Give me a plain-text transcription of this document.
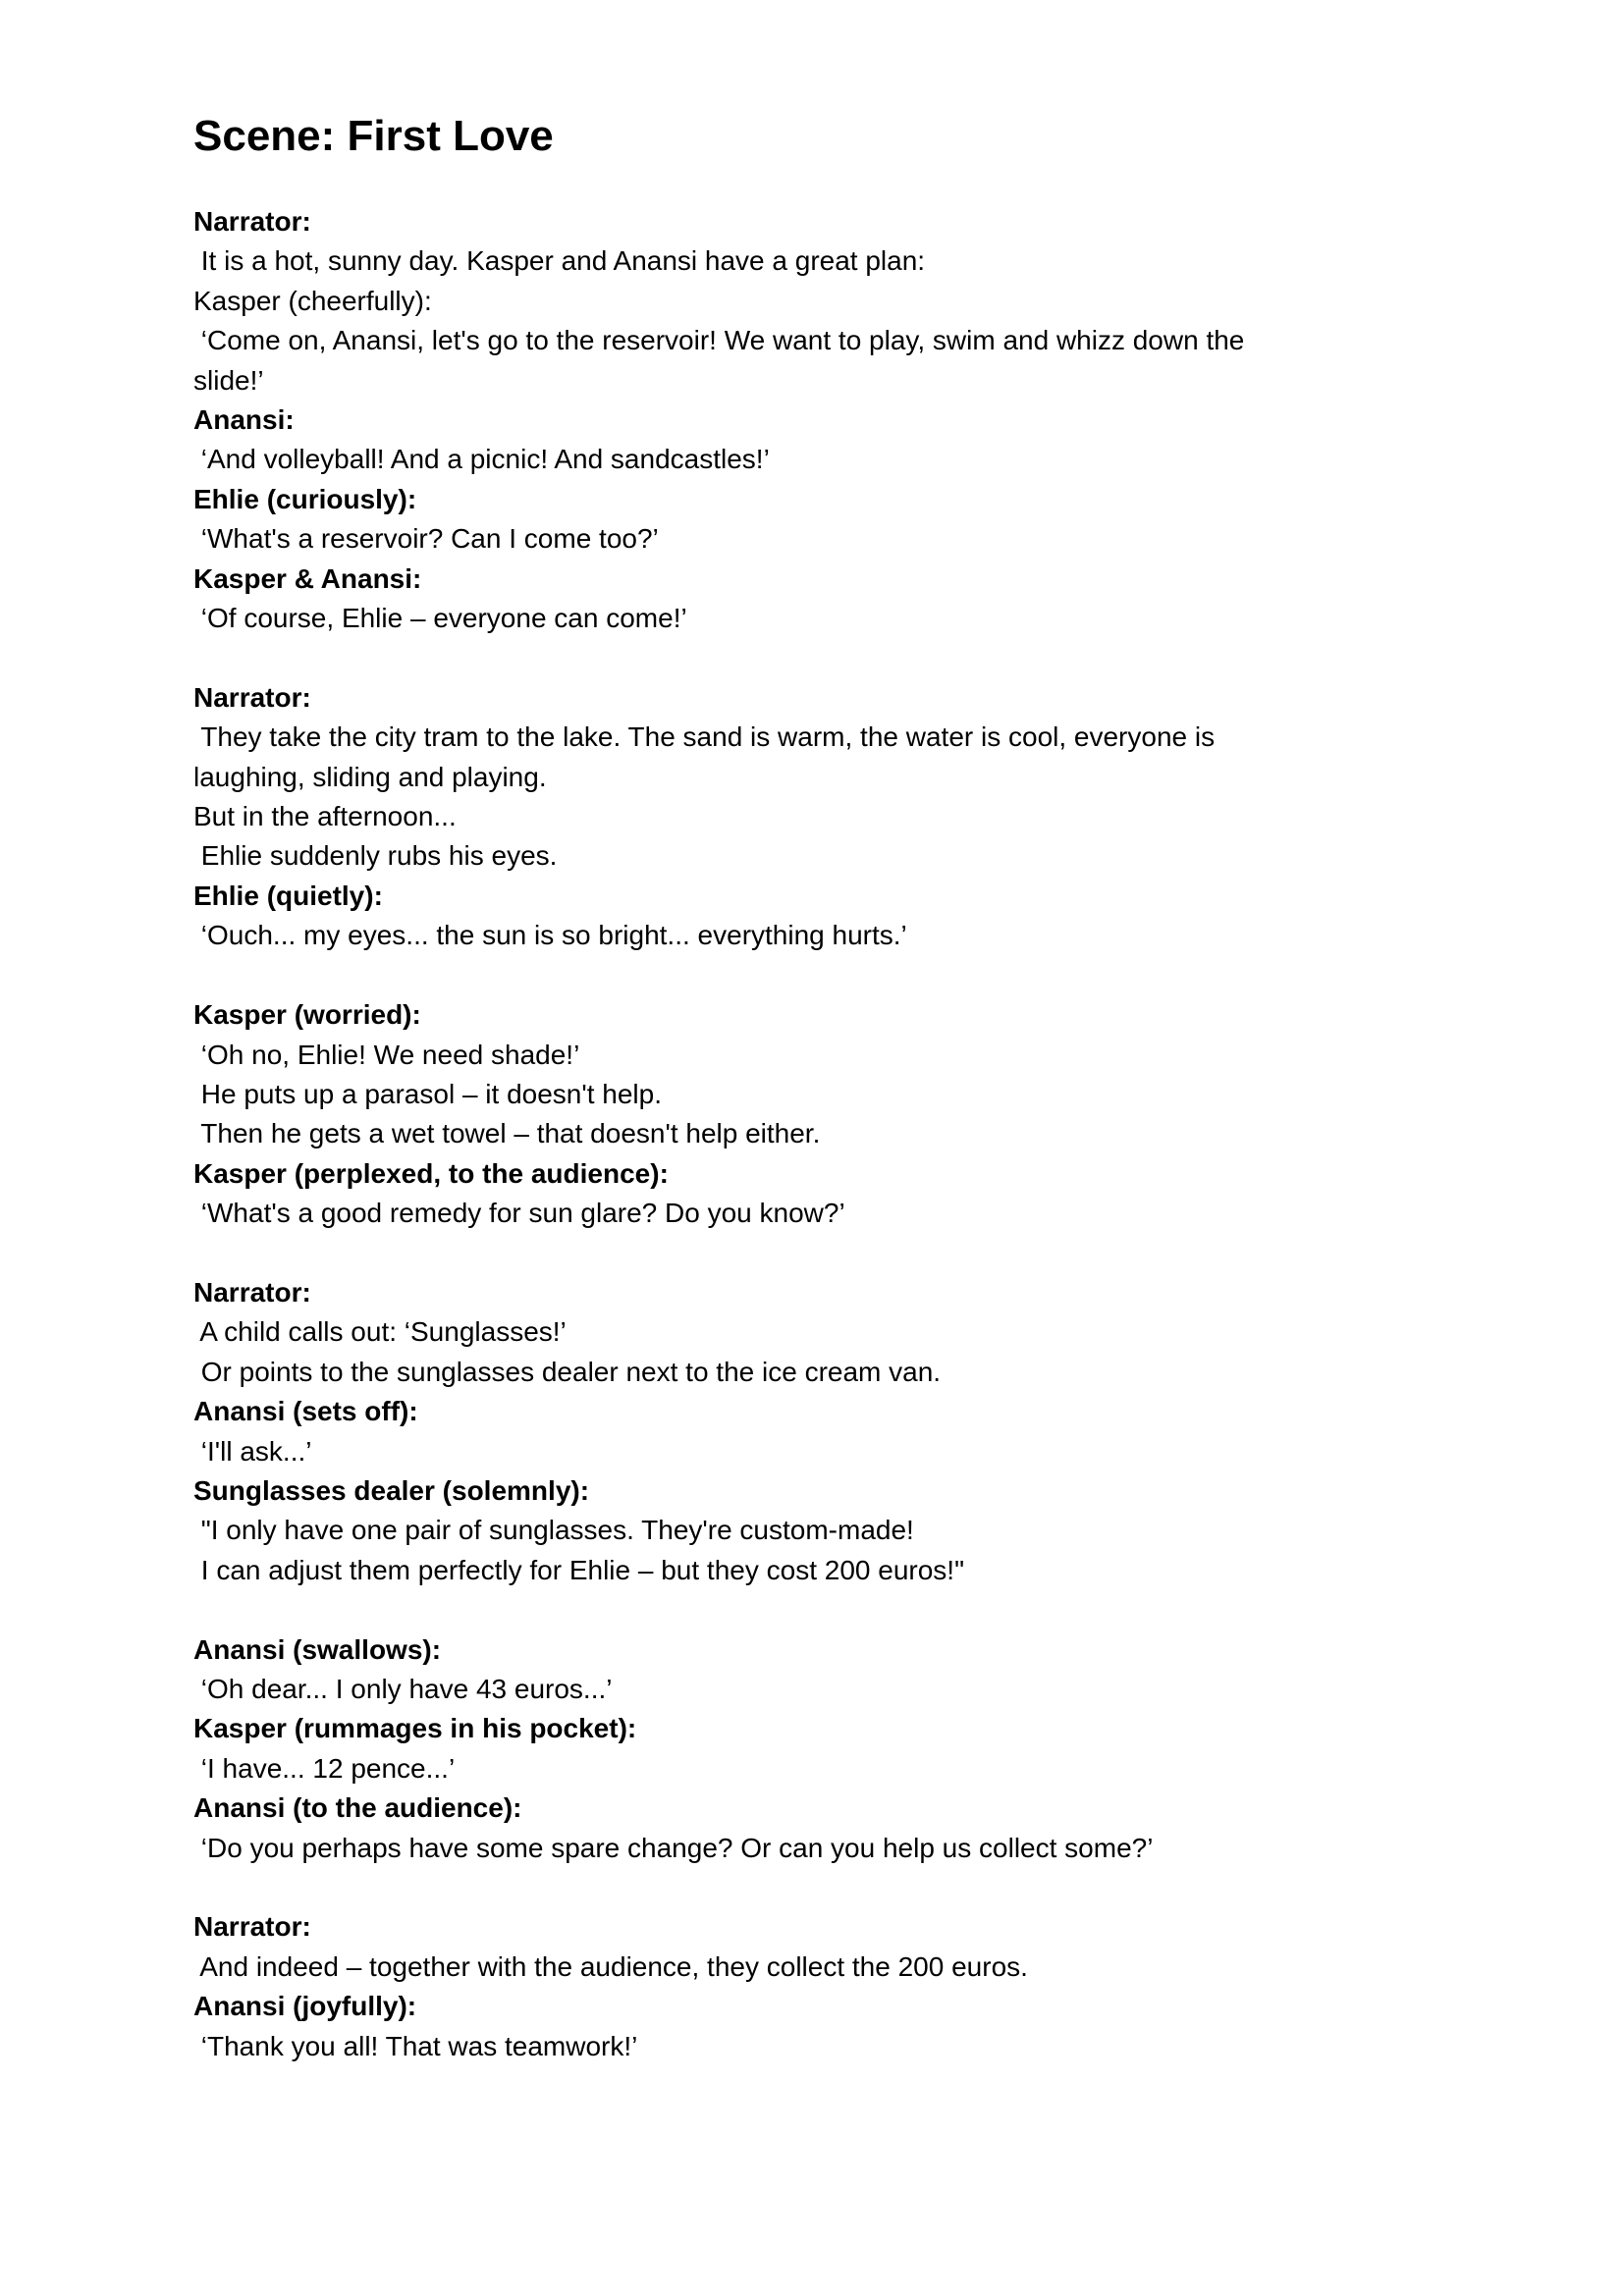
Scene: First Love

Narrator:

It is a hot, sunny day. Kasper and Anansi have a great plan:

Kasper (cheerfully):

‘Come on, Anansi, let's go to the reservoir! We want to play, swim and whizz down the

slide!’

Anansi:

‘And volleyball! And a picnic! And sandcastles!’

Ehlie (curiously):

‘What's a reservoir? Can I come too?’

Kasper & Anansi:

‘Of course, Ehlie – everyone can come!’

Narrator:

They take the city tram to the lake. The sand is warm, the water is cool, everyone is

laughing, sliding and playing.

But in the afternoon...

Ehlie suddenly rubs his eyes.

Ehlie (quietly):

‘Ouch... my eyes... the sun is so bright... everything hurts.’

Kasper (worried):

‘Oh no, Ehlie! We need shade!’

He puts up a parasol – it doesn't help.

Then he gets a wet towel – that doesn't help either.

Kasper (perplexed, to the audience):

‘What's a good remedy for sun glare? Do you know?’

Narrator:

A child calls out: ‘Sunglasses!’

Or points to the sunglasses dealer next to the ice cream van.

Anansi (sets off):

‘I'll ask...’

Sunglasses dealer (solemnly):

"I only have one pair of sunglasses. They're custom-made!

I can adjust them perfectly for Ehlie – but they cost 200 euros!"

Anansi (swallows):

‘Oh dear... I only have 43 euros...’

Kasper (rummages in his pocket):

‘I have... 12 pence...’

Anansi (to the audience):

‘Do you perhaps have some spare change? Or can you help us collect some?’

Narrator:

And indeed – together with the audience, they collect the 200 euros.

Anansi (joyfully):

‘Thank you all! That was teamwork!’
